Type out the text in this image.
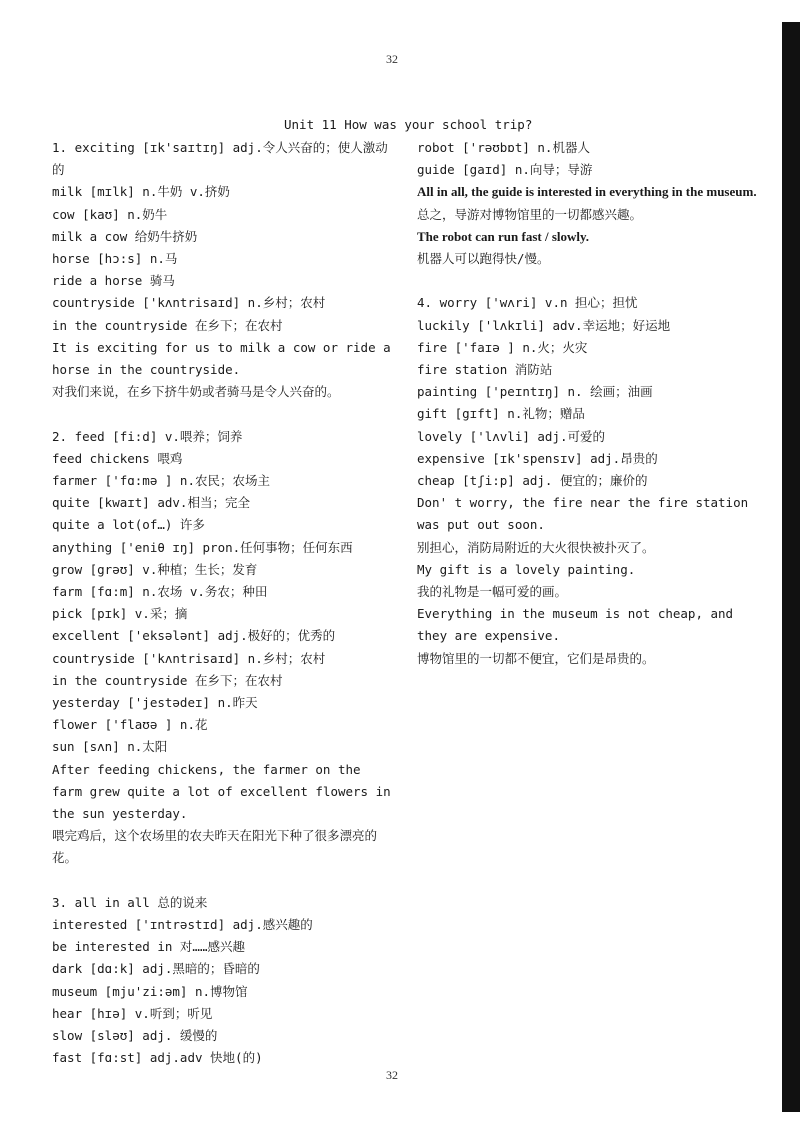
32
Unit 11 How was your school trip?
1. exciting [ɪk'saɪtɪŋ] adj.令人兴奋的；使人激动的
milk [mɪlk] n.牛奶 v.挤奶
cow [kaʊ] n.奶牛
milk a cow 给奶牛挤奶
horse [hɔ:s] n.马
ride a horse 骑马
countryside ['kʌntrisaɪd] n.乡村；农村
in the countryside 在乡下；在农村
It is exciting for us to milk a cow or ride a horse in the countryside.
对我们来说，在乡下挤牛奶或者骑马是令人兴奋的。
2. feed [fi:d] v.喂养；饲养
feed chickens 喂鸡
farmer ['fɑ:mə ] n.农民；农场主
quite [kwaɪt] adv.相当；完全
quite a lot(of…) 许多
anything ['eniθ ɪŋ] pron.任何事物；任何东西
grow [grəʊ] v.种植；生长；发育
farm [fɑ:m] n.农场 v.务农；种田
pick [pɪk] v.采；摘
excellent ['eksələnt] adj.极好的；优秀的
countryside ['kʌntrisaɪd] n.乡村；农村
in the countryside 在乡下；在农村
yesterday ['jestədeɪ] n.昨天
flower ['flaʊə ] n.花
sun [sʌn] n.太阳
After feeding chickens, the farmer on the farm grew quite a lot of excellent flowers in the sun yesterday.
喂完鸡后，这个农场里的农夫昨天在阳光下种了很多漂亮的花。
3. all in all 总的说来
interested ['ɪntrəstɪd] adj.感兴趣的
be interested in 对……感兴趣
dark [dɑ:k] adj.黑暗的；昏暗的
museum [mju'zi:əm] n.博物馆
hear [hɪə] v.听到；听见
slow [sləʊ] adj. 缓慢的
fast [fɑ:st] adj.adv 快地(的)
robot ['rəʊbɒt] n.机器人
guide [gaɪd] n.向导；导游
All in all, the guide is interested in everything in the museum.
总之，导游对博物馆里的一切都感兴趣。
The robot can run fast / slowly.
机器人可以跑得快/慢。
4. worry ['wʌri] v.n 担心；担忧
luckily ['lʌkɪli] adv.幸运地；好运地
fire ['faɪə ] n.火；火灾
fire station 消防站
painting ['peɪntɪŋ] n. 绘画；油画
gift [gɪft] n.礼物；赠品
lovely ['lʌvli] adj.可爱的
expensive [ɪk'spensɪv] adj.昂贵的
cheap [tʃi:p] adj. 便宜的；廉价的
Don' t worry, the fire near the fire station was put out soon.
别担心，消防局附近的大火很快被扑灭了。
My gift is a lovely painting.
我的礼物是一幅可爱的画。
Everything in the museum is not cheap, and they are expensive.
博物馆里的一切都不便宜，它们是昂贵的。
32
